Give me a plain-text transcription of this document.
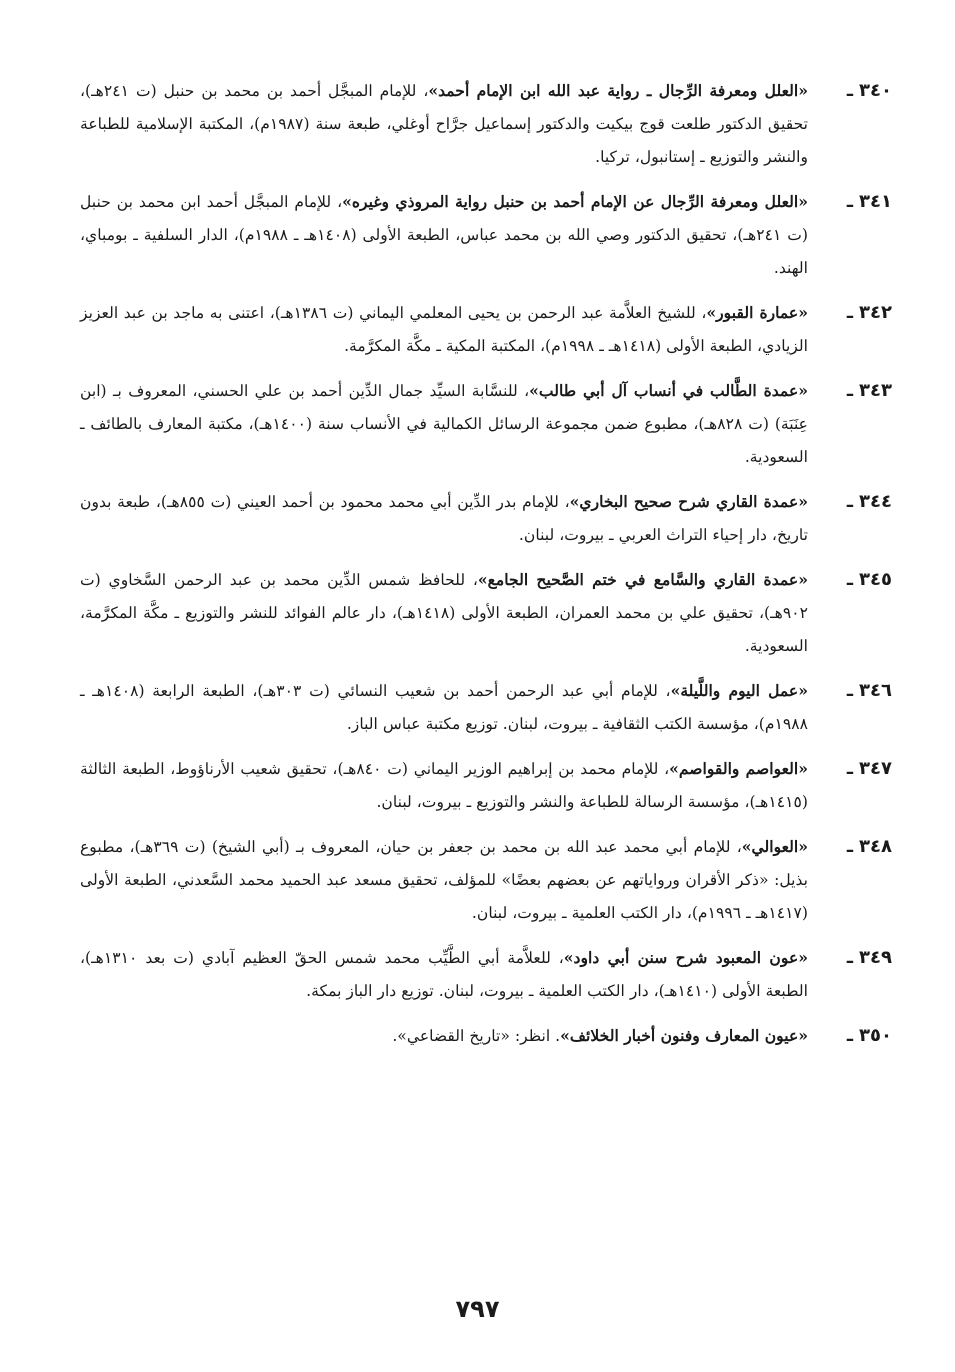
٣٤٠ـ
«العلل ومعرفة الرِّجال ـ رواية عبد الله ابن الإمام أحمد»، للإمام المبجَّل أحمد بن محمد بن حنبل (ت ٢٤١هـ)، تحقيق الدكتور طلعت قوج بيكيت والدكتور إسماعيل جرَّاح أوغلي، طبعة سنة (١٩٨٧م)، المكتبة الإسلامية للطباعة والنشر والتوزيع ـ إستانبول، تركيا.
٣٤١ـ
«العلل ومعرفة الرِّجال عن الإمام أحمد بن حنبل رواية المروذي وغيره»، للإمام المبجَّل أحمد ابن محمد بن حنبل (ت ٢٤١هـ)، تحقيق الدكتور وصي الله بن محمد عباس، الطبعة الأولى (١٤٠٨هـ ـ ١٩٨٨م)، الدار السلفية ـ بومباي، الهند.
٣٤٢ـ
«عمارة القبور»، للشيخ العلاَّمة عبد الرحمن بن يحيى المعلمي اليماني (ت ١٣٨٦هـ)، اعتنى به ماجد بن عبد العزيز الزيادي، الطبعة الأولى (١٤١٨هـ ـ ١٩٩٨م)، المكتبة المكية ـ مكَّة المكرَّمة.
٣٤٣ـ
«عمدة الطَّالب في أنساب آل أبي طالب»، للنسَّابة السيِّد جمال الدِّين أحمد بن علي الحسني، المعروف بـ (ابن عِنَبَة) (ت ٨٢٨هـ)، مطبوع ضمن مجموعة الرسائل الكمالية في الأنساب سنة (١٤٠٠هـ)، مكتبة المعارف بالطائف ـ السعودية.
٣٤٤ـ
«عمدة القاري شرح صحيح البخاري»، للإمام بدر الدِّين أبي محمد محمود بن أحمد العيني (ت ٨٥٥هـ)، طبعة بدون تاريخ، دار إحياء التراث العربي ـ بيروت، لبنان.
٣٤٥ـ
«عمدة القاري والسَّامع في ختم الصَّحيح الجامع»، للحافظ شمس الدِّين محمد بن عبد الرحمن السَّخاوي (ت ٩٠٢هـ)، تحقيق علي بن محمد العمران، الطبعة الأولى (١٤١٨هـ)، دار عالم الفوائد للنشر والتوزيع ـ مكَّة المكرَّمة، السعودية.
٣٤٦ـ
«عمل اليوم واللَّيلة»، للإمام أبي عبد الرحمن أحمد بن شعيب النسائي (ت ٣٠٣هـ)، الطبعة الرابعة (١٤٠٨هـ ـ ١٩٨٨م)، مؤسسة الكتب الثقافية ـ بيروت، لبنان. توزيع مكتبة عباس الباز.
٣٤٧ـ
«العواصم والقواصم»، للإمام محمد بن إبراهيم الوزير اليماني (ت ٨٤٠هـ)، تحقيق شعيب الأرناؤوط، الطبعة الثالثة (١٤١٥هـ)، مؤسسة الرسالة للطباعة والنشر والتوزيع ـ بيروت، لبنان.
٣٤٨ـ
«العوالي»، للإمام أبي محمد عبد الله بن محمد بن جعفر بن حيان، المعروف بـ (أبي الشيخ) (ت ٣٦٩هـ)، مطبوع بذيل: «ذكر الأقران ورواياتهم عن بعضهم بعضًا» للمؤلف، تحقيق مسعد عبد الحميد محمد السَّعدني، الطبعة الأولى (١٤١٧هـ ـ ١٩٩٦م)، دار الكتب العلمية ـ بيروت، لبنان.
٣٤٩ـ
«عون المعبود شرح سنن أبي داود»، للعلاَّمة أبي الطَّيِّب محمد شمس الحقّ العظيم آبادي (ت بعد ١٣١٠هـ)، الطبعة الأولى (١٤١٠هـ)، دار الكتب العلمية ـ بيروت، لبنان. توزيع دار الباز بمكة.
٣٥٠ـ
«عيون المعارف وفنون أخبار الخلائف». انظر: «تاريخ القضاعي».
٧٩٧
